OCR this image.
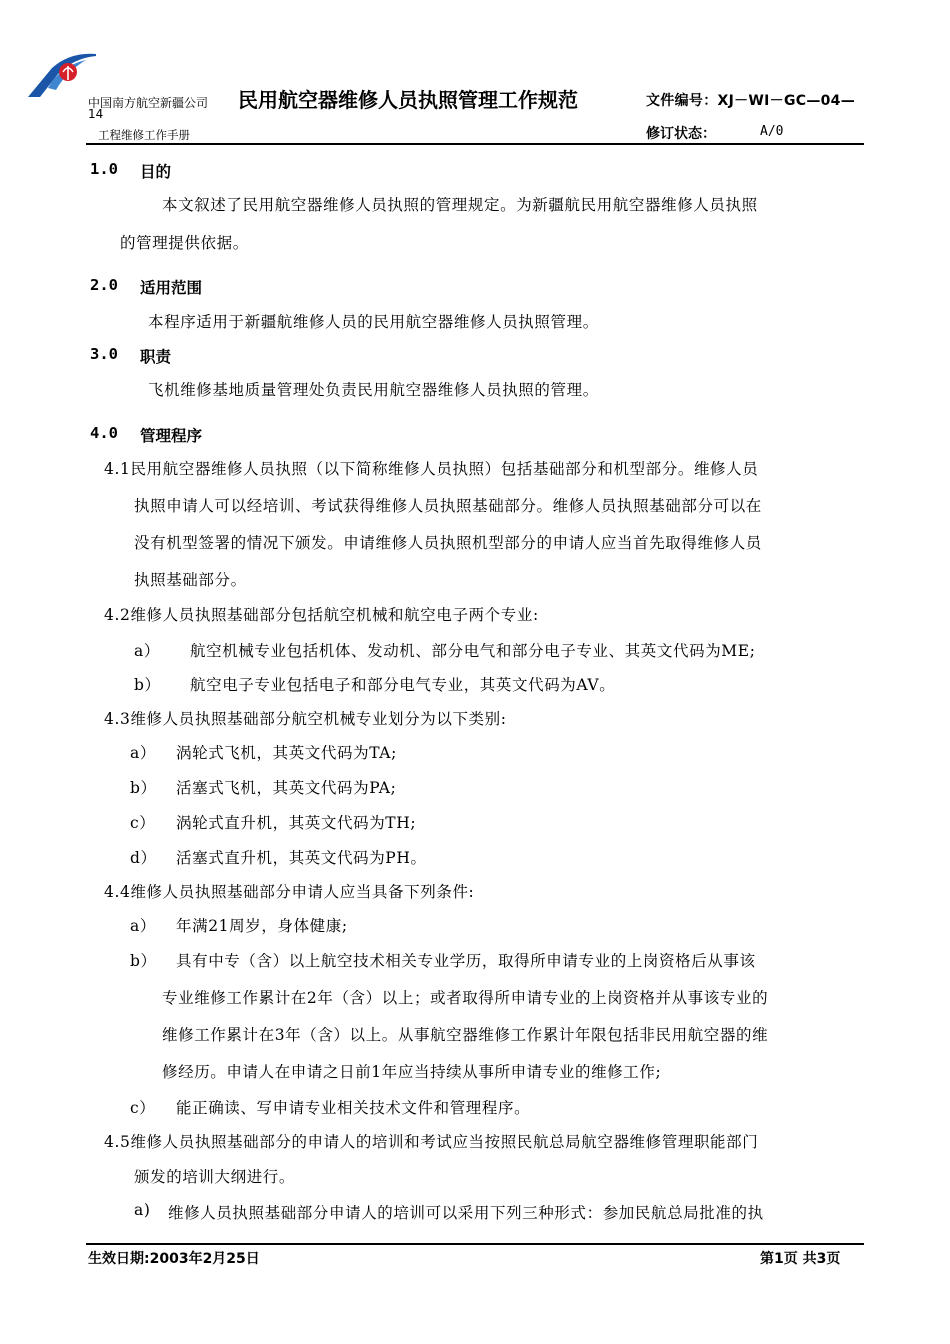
中国南方航空新疆公司
14
民用航空器维修人员执照管理工作规范	文件编号：XJ－WI－GC—04—
工程维修工作手册	修订状态：	A/0
1.0 目的
本文叙述了民用航空器维修人员执照的管理规定。为新疆航民用航空器维修人员执照
的管理提供依据。
2.0 适用范围
本程序适用于新疆航维修人员的民用航空器维修人员执照管理。
3.0 职责
飞机维修基地质量管理处负责民用航空器维修人员执照的管理。
4.0 管理程序
4.1民用航空器维修人员执照（以下简称维修人员执照）包括基础部分和机型部分。维修人员
执照申请人可以经培训、考试获得维修人员执照基础部分。维修人员执照基础部分可以在
没有机型签署的情况下颁发。申请维修人员执照机型部分的申请人应当首先取得维修人员
执照基础部分。
4.2维修人员执照基础部分包括航空机械和航空电子两个专业:
a） 航空机械专业包括机体、发动机、部分电气和部分电子专业、其英文代码为ME;
b） 航空电子专业包括电子和部分电气专业，其英文代码为AV。
4.3维修人员执照基础部分航空机械专业划分为以下类别:
a） 涡轮式飞机，其英文代码为TA;
b） 活塞式飞机，其英文代码为PA;
c） 涡轮式直升机，其英文代码为TH;
d） 活塞式直升机，其英文代码为PH。
4.4维修人员执照基础部分申请人应当具备下列条件:
a） 年满21周岁，身体健康;
b） 具有中专（含）以上航空技术相关专业学历，取得所申请专业的上岗资格后从事该
专业维修工作累计在2年（含）以上；或者取得所申请专业的上岗资格并从事该专业的
维修工作累计在3年（含）以上。从事航空器维修工作累计年限包括非民用航空器的维
修经历。申请人在申请之日前1年应当持续从事所申请专业的维修工作;
c） 能正确读、写申请专业相关技术文件和管理程序。
4.5维修人员执照基础部分的申请人的培训和考试应当按照民航总局航空器维修管理职能部门
颁发的培训大纲进行。
a) 维修人员执照基础部分申请人的培训可以采用下列三种形式：参加民航总局批准的执
生效日期:2003年2月25日	第1页 共3页
